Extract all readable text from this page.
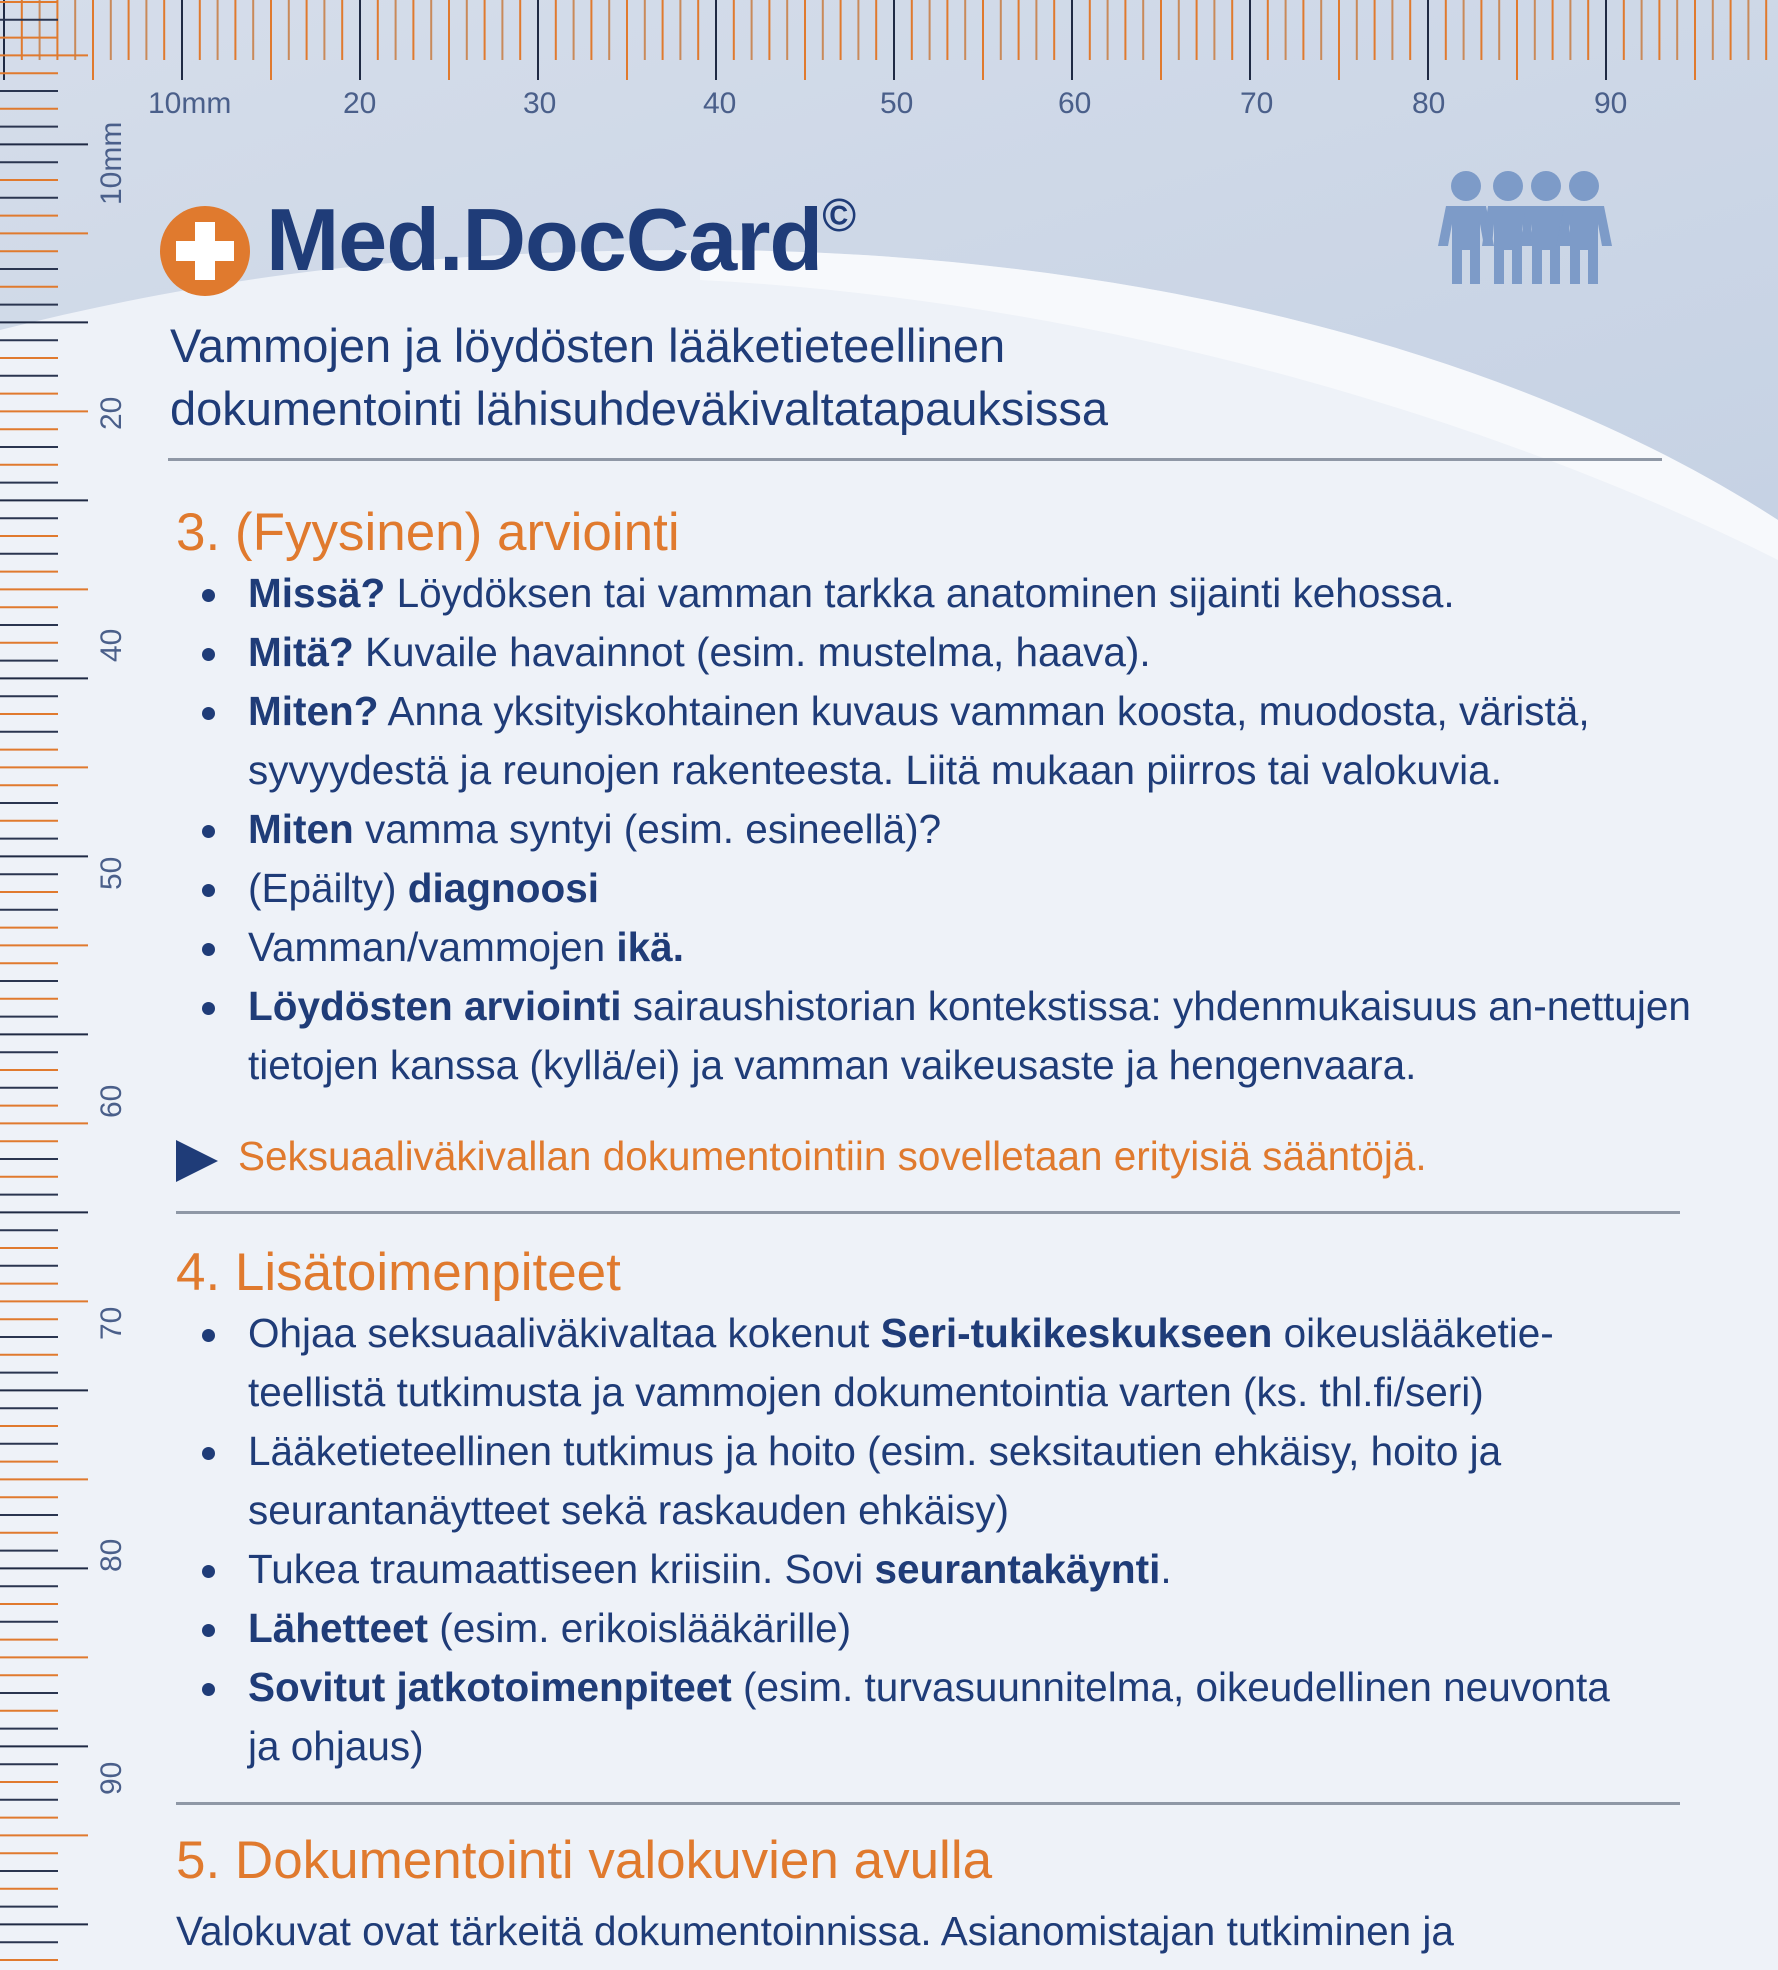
10mm	20	30	40	50	60	70	80	90
10mm
20
40
50
60
70
80
90
Med.DocCard©
Vammojen ja löydösten lääketieteellinen
dokumentointi lähisuhdeväkivaltatapauksissa
3. (Fyysinen) arviointi
Missä? Löydöksen tai vamman tarkka anatominen sijainti kehossa.
Mitä? Kuvaile havainnot (esim. mustelma, haava).
Miten? Anna yksityiskohtainen kuvaus vamman koosta, muodosta, väristä, syvyydestä ja reunojen rakenteesta. Liitä mukaan piirros tai valokuvia.
Miten vamma syntyi (esim. esineellä)?
(Epäilty) diagnoosi
Vamman/vammojen ikä.
Löydösten arviointi sairaushistorian kontekstissa: yhdenmukaisuus an-nettujen tietojen kanssa (kyllä/ei) ja vamman vaikeusaste ja hengenvaara.
Seksuaaliväkivallan dokumentointiin sovelletaan erityisiä sääntöjä.
4. Lisätoimenpiteet
Ohjaa seksuaaliväkivaltaa kokenut Seri-tukikeskukseen oikeuslääketie-teellistä tutkimusta ja vammojen dokumentointia varten (ks. thl.fi/seri)
Lääketieteellinen tutkimus ja hoito (esim. seksitautien ehkäisy, hoito ja seurantanäytteet sekä raskauden ehkäisy)
Tukea traumaattiseen kriisiin. Sovi seurantakäynti.
Lähetteet (esim. erikoislääkärille)
Sovitut jatkotoimenpiteet (esim. turvasuunnitelma, oikeudellinen neuvonta ja ohjaus)
5. Dokumentointi valokuvien avulla
Valokuvat ovat tärkeitä dokumentoinnissa. Asianomistajan tutkiminen ja
